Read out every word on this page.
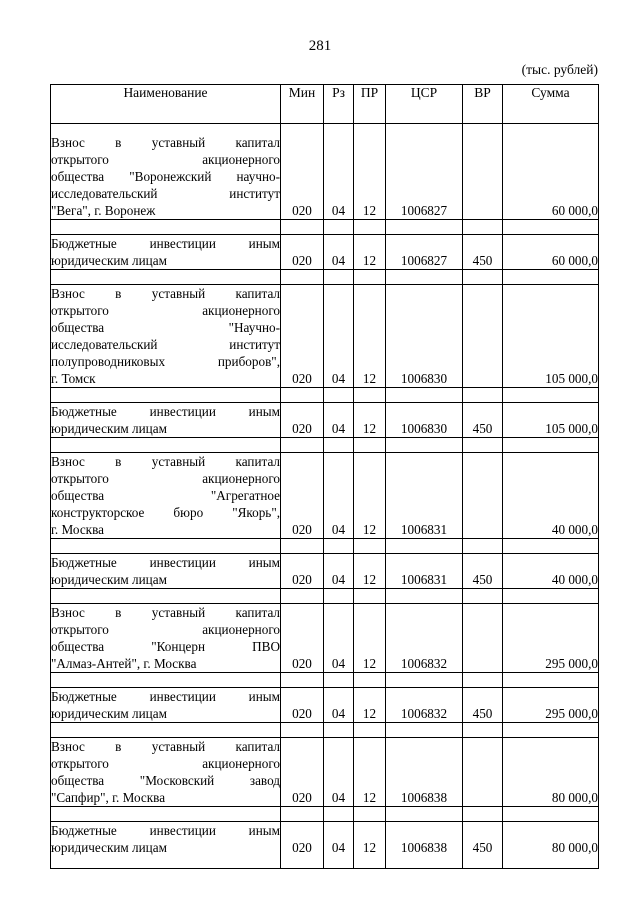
281
(тыс. рублей)
Наименование	Мин	Рз	ПР	ЦСР	ВР	Сумма

Взнос в уставный капитал
открытого акционерного
общества "Воронежский научно-
исследовательский институт
"Вега", г. Воронеж	020	04	12	1006827		60 000,0

Бюджетные инвестиции иным
юридическим лицам	020	04	12	1006827	450	60 000,0

Взнос в уставный капитал
открытого акционерного
общества "Научно-
исследовательский институт
полупроводниковых приборов",
г. Томск	020	04	12	1006830		105 000,0

Бюджетные инвестиции иным
юридическим лицам	020	04	12	1006830	450	105 000,0

Взнос в уставный капитал
открытого акционерного
общества "Агрегатное
конструкторское бюро "Якорь",
г. Москва	020	04	12	1006831		40 000,0

Бюджетные инвестиции иным
юридическим лицам	020	04	12	1006831	450	40 000,0

Взнос в уставный капитал
открытого акционерного
общества "Концерн ПВО
"Алмаз-Антей", г. Москва	020	04	12	1006832		295 000,0

Бюджетные инвестиции иным
юридическим лицам	020	04	12	1006832	450	295 000,0

Взнос в уставный капитал
открытого акционерного
общества "Московский завод
"Сапфир", г. Москва	020	04	12	1006838		80 000,0

Бюджетные инвестиции иным
юридическим лицам	020	04	12	1006838	450	80 000,0
